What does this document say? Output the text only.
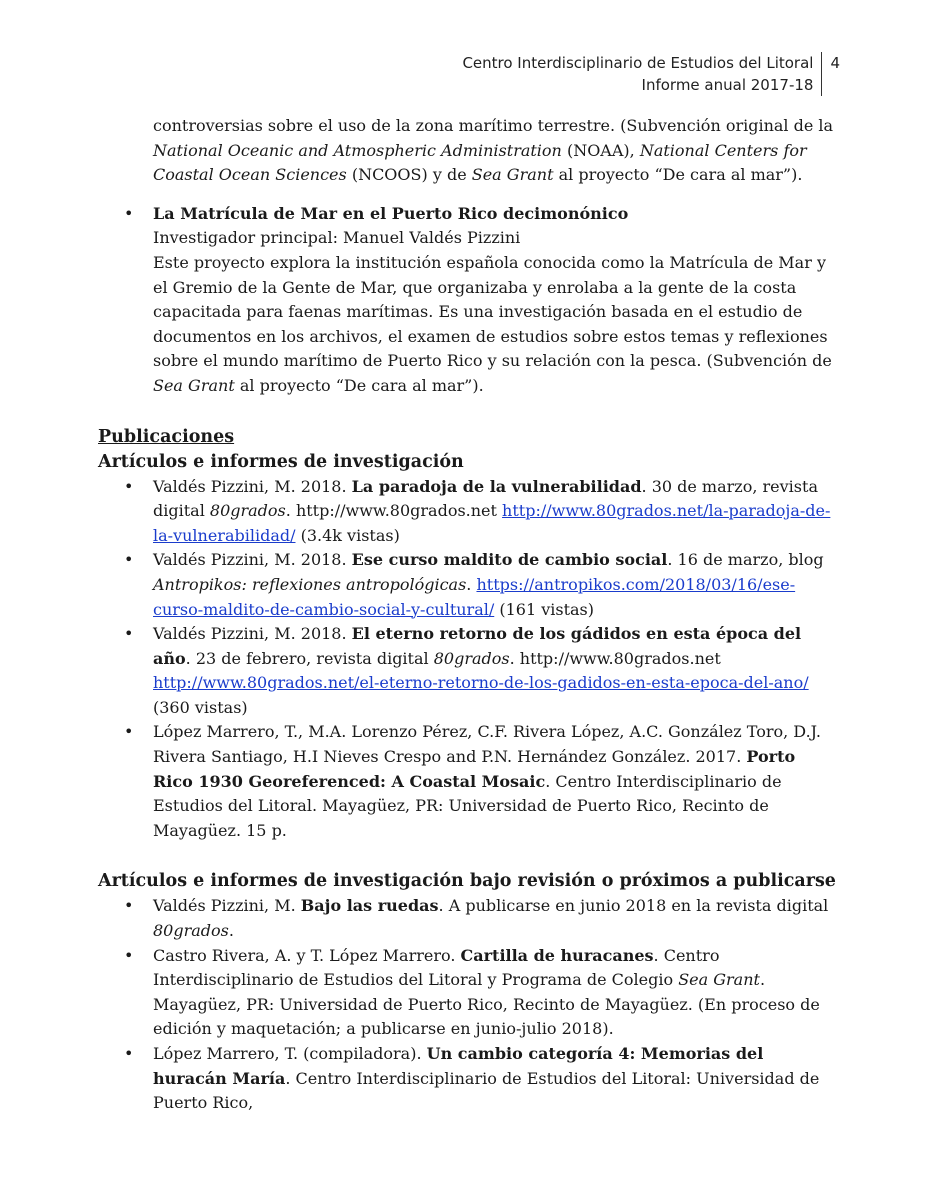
Centro Interdisciplinario de Estudios del Litoral
Informe anual 2017-18
4
controversias sobre el uso de la zona marítimo terrestre. (Subvención original de la National Oceanic and Atmospheric Administration (NOAA), National Centers for Coastal Ocean Sciences (NCOOS) y de Sea Grant al proyecto “De cara al mar”).
• La Matrícula de Mar en el Puerto Rico decimonónico
Investigador principal: Manuel Valdés Pizzini
Este proyecto explora la institución española conocida como la Matrícula de Mar y el Gremio de la Gente de Mar, que organizaba y enrolaba a la gente de la costa capacitada para faenas marítimas. Es una investigación basada en el estudio de documentos en los archivos, el examen de estudios sobre estos temas y reflexiones sobre el mundo marítimo de Puerto Rico y su relación con la pesca. (Subvención de Sea Grant al proyecto “De cara al mar”).
Publicaciones
Artículos e informes de investigación
• Valdés Pizzini, M. 2018. La paradoja de la vulnerabilidad. 30 de marzo, revista digital 80grados. http://www.80grados.net http://www.80grados.net/la-paradoja-de-la-vulnerabilidad/ (3.4k vistas)
• Valdés Pizzini, M. 2018. Ese curso maldito de cambio social. 16 de marzo, blog Antropikos: reflexiones antropológicas. https://antropikos.com/2018/03/16/ese-curso-maldito-de-cambio-social-y-cultural/ (161 vistas)
• Valdés Pizzini, M. 2018. El eterno retorno de los gádidos en esta época del año. 23 de febrero, revista digital 80grados. http://www.80grados.net http://www.80grados.net/el-eterno-retorno-de-los-gadidos-en-esta-epoca-del-ano/
(360 vistas)
• López Marrero, T., M.A. Lorenzo Pérez, C.F. Rivera López, A.C. González Toro, D.J. Rivera Santiago, H.I Nieves Crespo and P.N. Hernández González. 2017. Porto Rico 1930 Georeferenced: A Coastal Mosaic. Centro Interdisciplinario de Estudios del Litoral. Mayagüez, PR: Universidad de Puerto Rico, Recinto de Mayagüez. 15 p.
Artículos e informes de investigación bajo revisión o próximos a publicarse
• Valdés Pizzini, M. Bajo las ruedas. A publicarse en junio 2018 en la revista digital 80grados.
• Castro Rivera, A. y T. López Marrero. Cartilla de huracanes. Centro Interdisciplinario de Estudios del Litoral y Programa de Colegio Sea Grant. Mayagüez, PR: Universidad de Puerto Rico, Recinto de Mayagüez. (En proceso de edición y maquetación; a publicarse en junio-julio 2018).
• López Marrero, T. (compiladora). Un cambio categoría 4: Memorias del huracán María. Centro Interdisciplinario de Estudios del Litoral: Universidad de Puerto Rico,
